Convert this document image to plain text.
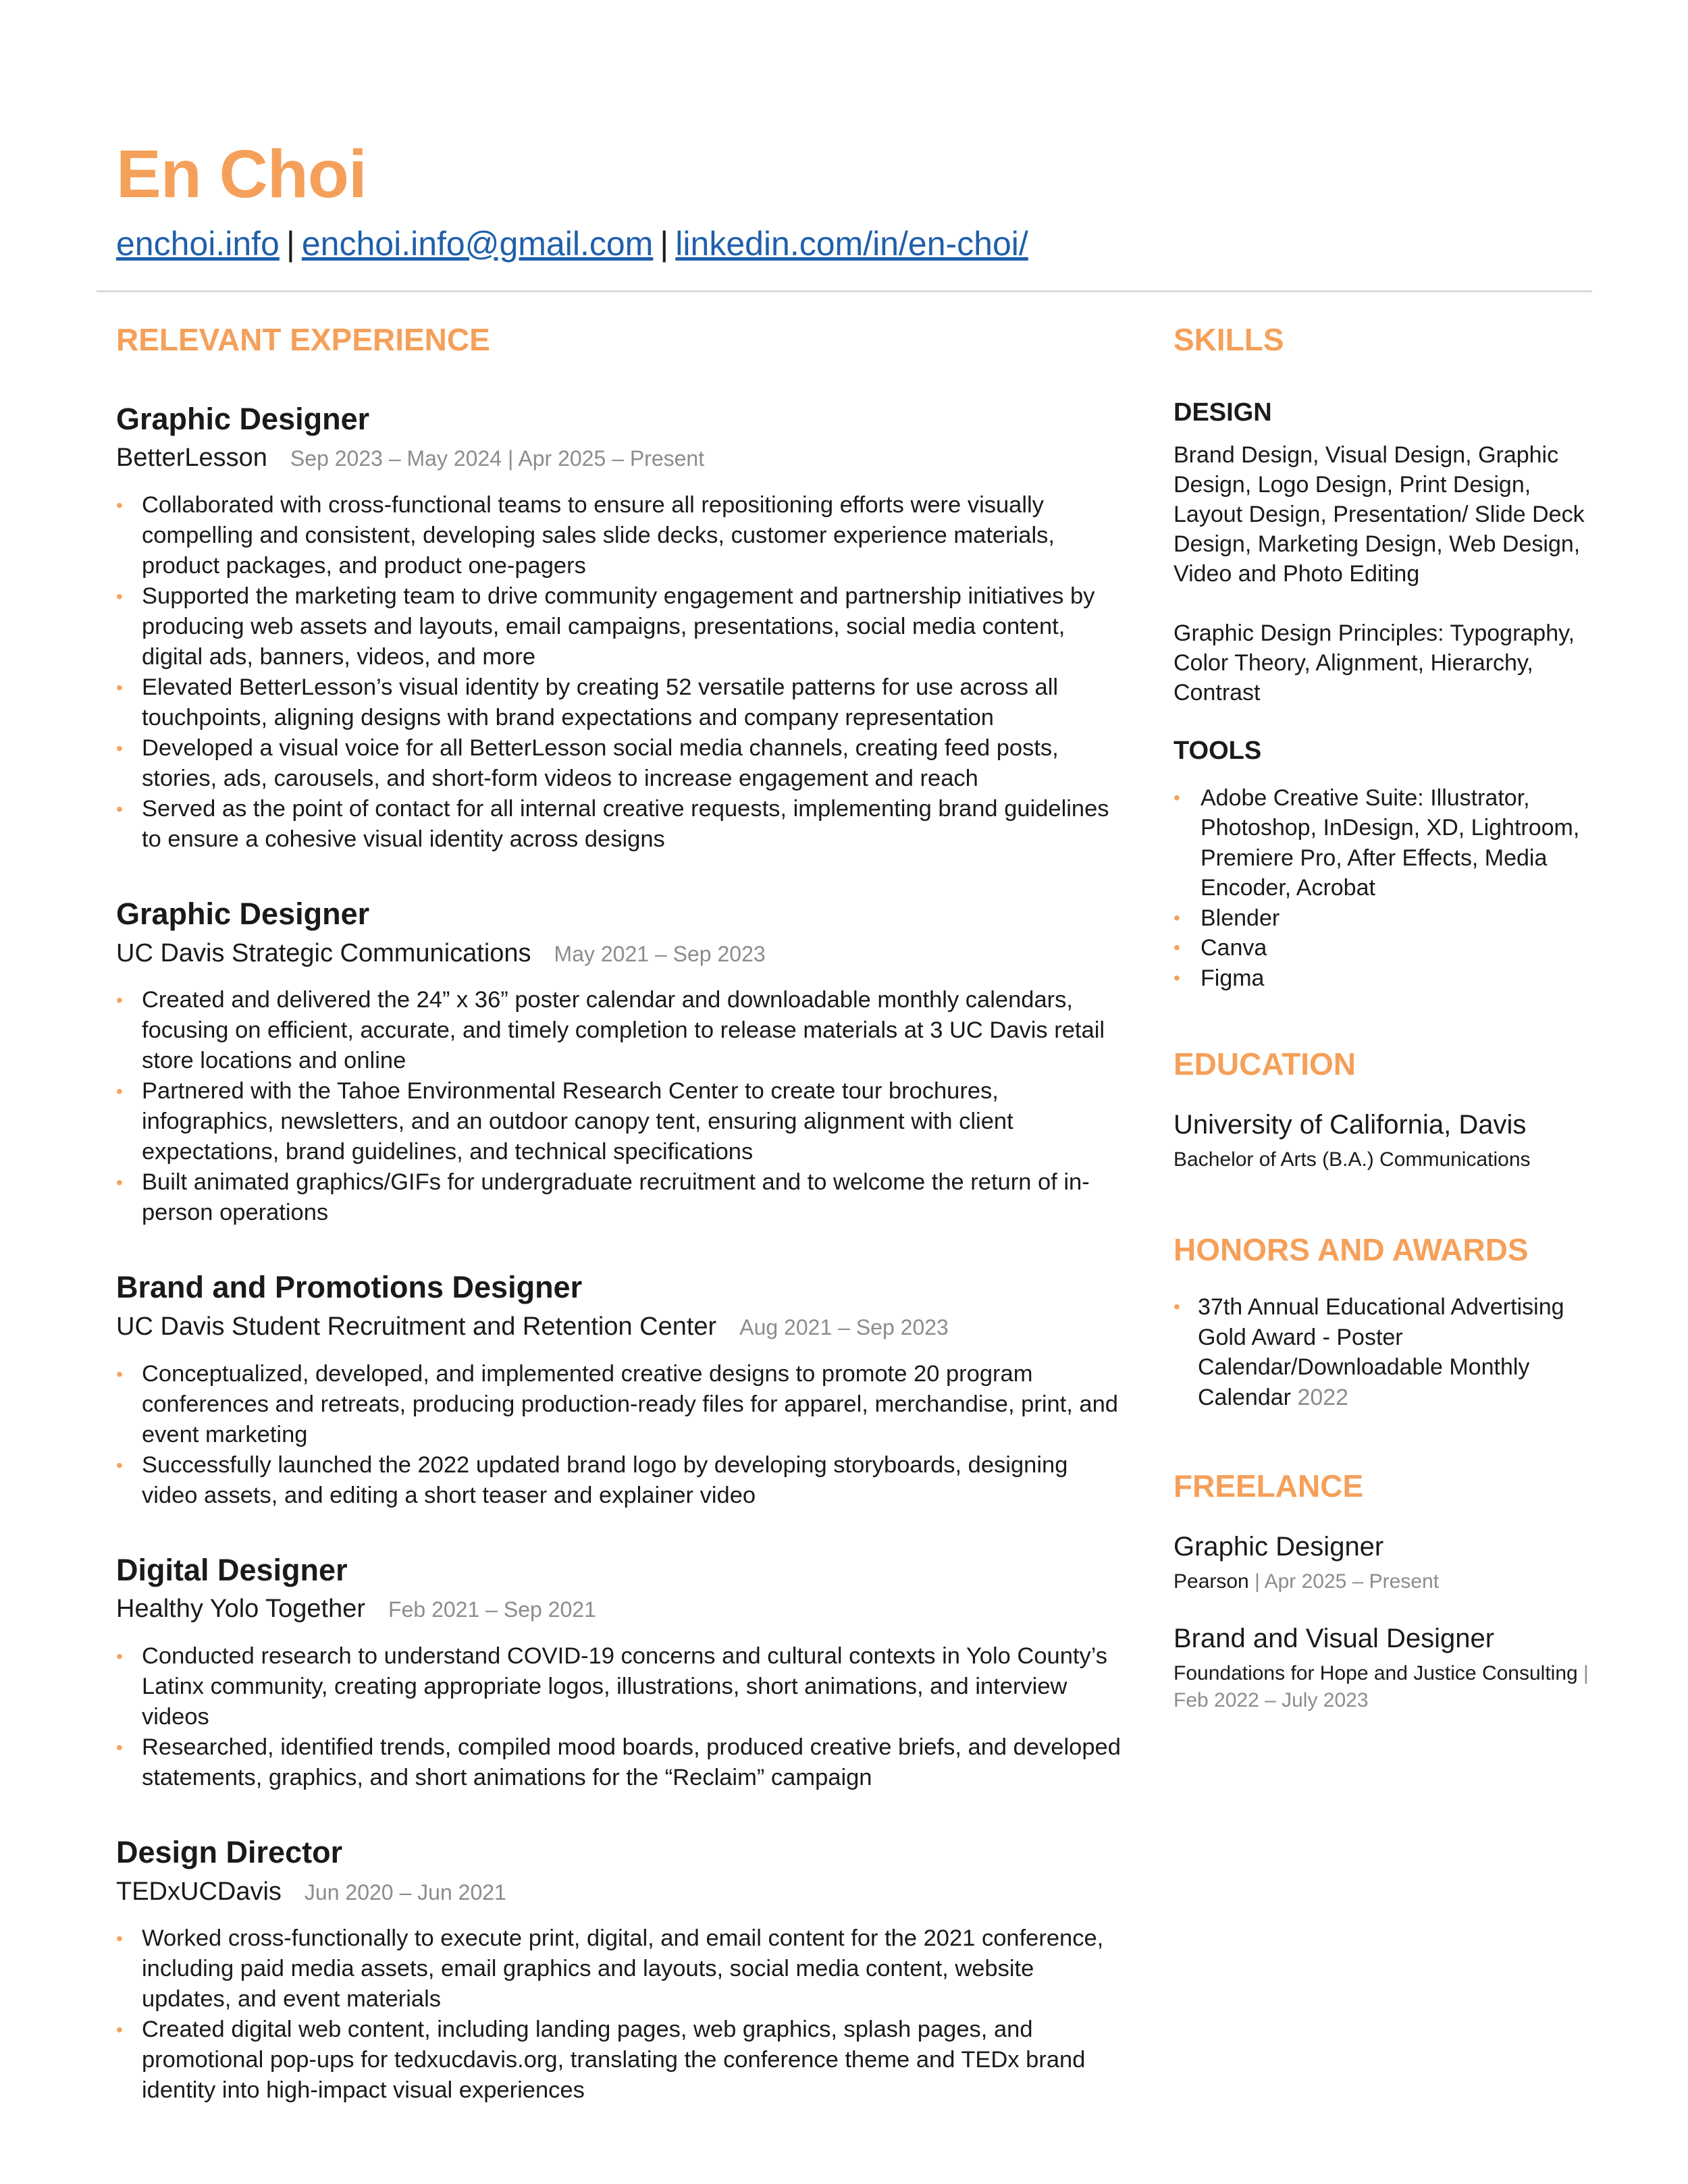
En Choi
enchoi.info | enchoi.info@gmail.com | linkedin.com/in/en-choi/
RELEVANT EXPERIENCE
Graphic Designer
BetterLesson Sep 2023 – May 2024 | Apr 2025 – Present
• Collaborated with cross-functional teams to ensure all repositioning efforts were visually compelling and consistent, developing sales slide decks, customer experience materials, product packages, and product one-pagers
• Supported the marketing team to drive community engagement and partnership initiatives by producing web assets and layouts, email campaigns, presentations, social media content, digital ads, banners, videos, and more
• Elevated BetterLesson’s visual identity by creating 52 versatile patterns for use across all touchpoints, aligning designs with brand expectations and company representation
• Developed a visual voice for all BetterLesson social media channels, creating feed posts, stories, ads, carousels, and short-form videos to increase engagement and reach
• Served as the point of contact for all internal creative requests, implementing brand guidelines to ensure a cohesive visual identity across designs
Graphic Designer
UC Davis Strategic Communications May 2021 – Sep 2023
• Created and delivered the 24” x 36” poster calendar and downloadable monthly calendars, focusing on efficient, accurate, and timely completion to release materials at 3 UC Davis retail store locations and online
• Partnered with the Tahoe Environmental Research Center to create tour brochures, infographics, newsletters, and an outdoor canopy tent, ensuring alignment with client expectations, brand guidelines, and technical specifications
• Built animated graphics/GIFs for undergraduate recruitment and to welcome the return of in-person operations
Brand and Promotions Designer
UC Davis Student Recruitment and Retention Center Aug 2021 – Sep 2023
• Conceptualized, developed, and implemented creative designs to promote 20 program conferences and retreats, producing production-ready files for apparel, merchandise, print, and event marketing
• Successfully launched the 2022 updated brand logo by developing storyboards, designing video assets, and editing a short teaser and explainer video
Digital Designer
Healthy Yolo Together Feb 2021 – Sep 2021
• Conducted research to understand COVID-19 concerns and cultural contexts in Yolo County’s Latinx community, creating appropriate logos, illustrations, short animations, and interview videos
• Researched, identified trends, compiled mood boards, produced creative briefs, and developed statements, graphics, and short animations for the “Reclaim” campaign
Design Director
TEDxUCDavis Jun 2020 – Jun 2021
• Worked cross-functionally to execute print, digital, and email content for the 2021 conference, including paid media assets, email graphics and layouts, social media content, website updates, and event materials
• Created digital web content, including landing pages, web graphics, splash pages, and promotional pop-ups for tedxucdavis.org, translating the conference theme and TEDx brand identity into high-impact visual experiences
SKILLS
DESIGN

Brand Design, Visual Design, Graphic Design, Logo Design, Print Design, Layout Design, Presentation/ Slide Deck Design, Marketing Design, Web Design, Video and Photo Editing

Graphic Design Principles: Typography, Color Theory, Alignment, Hierarchy, Contrast

TOOLS
• Adobe Creative Suite: Illustrator, Photoshop, InDesign, XD, Lightroom, Premiere Pro, After Effects, Media Encoder, Acrobat
• Blender
• Canva
• Figma
EDUCATION

University of California, Davis

Bachelor of Arts (B.A.) Communications

HONORS AND AWARDS
• 37th Annual Educational Advertising Gold Award - Poster Calendar/Downloadable Monthly Calendar 2022
FREELANCE

Graphic Designer

Pearson | Apr 2025 – Present

Brand and Visual Designer

Foundations for Hope and Justice Consulting | Feb 2022 – July 2023
